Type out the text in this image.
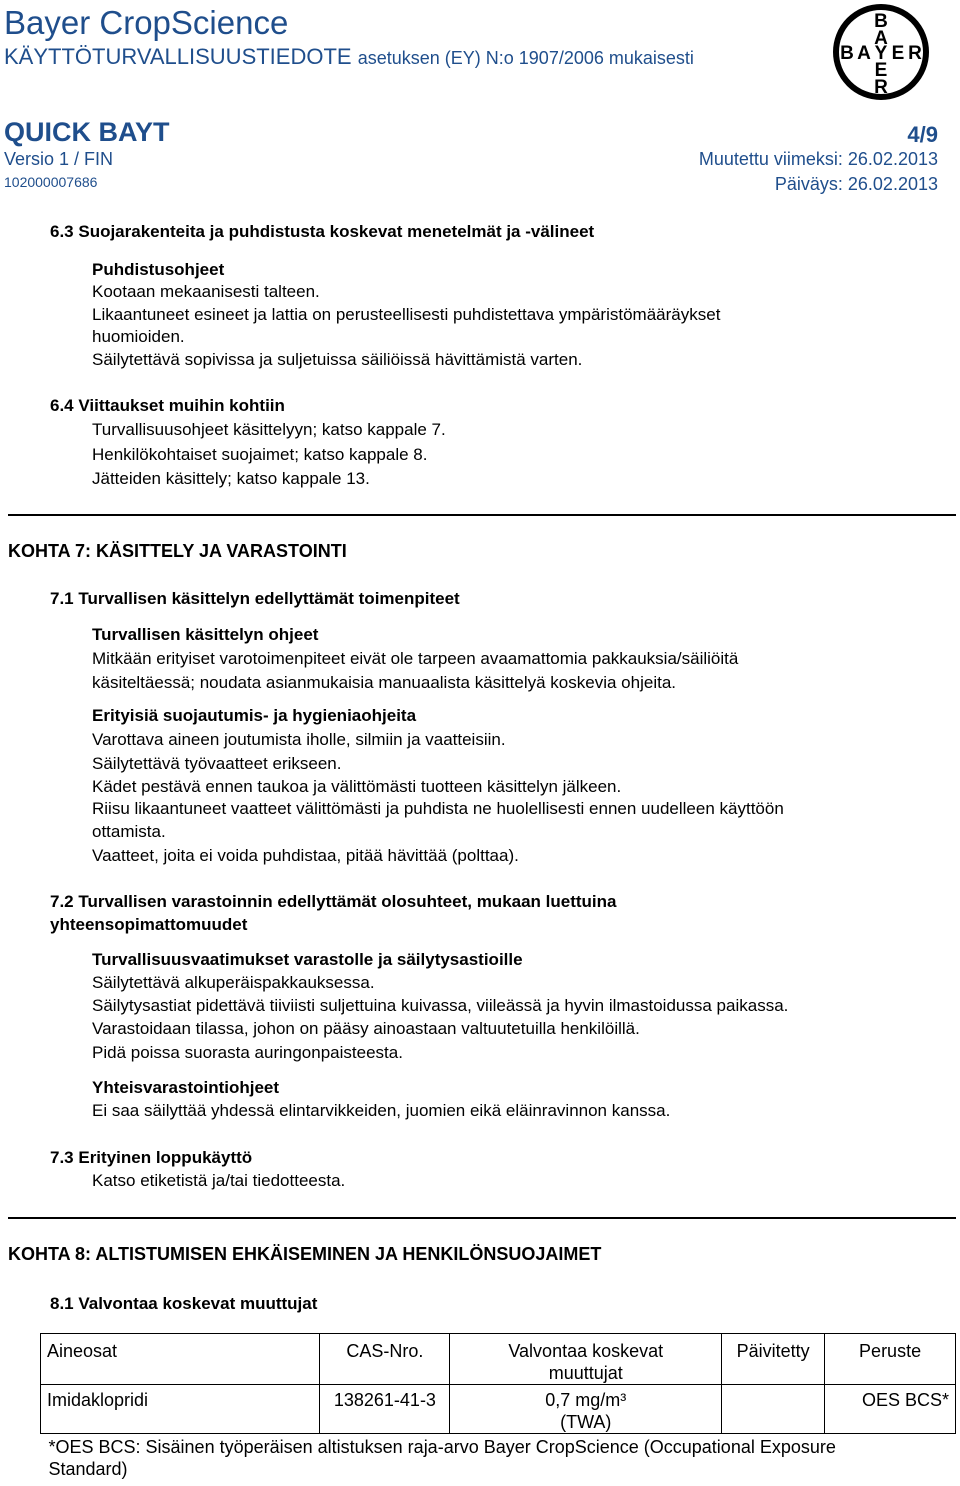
Bayer CropScience
KÄYTTÖTURVALLISUUSTIEDOTE asetuksen (EY) N:o 1907/2006 mukaisesti
QUICK BAYT	4/9
Versio 1 / FIN	Muutettu viimeksi: 26.02.2013
102000007686	Päiväys: 26.02.2013
B
A
B A Y E R
E
R
6.3 Suojarakenteita ja puhdistusta koskevat menetelmät ja -välineet
Puhdistusohjeet
Kootaan mekaanisesti talteen.
Likaantuneet esineet ja lattia on perusteellisesti puhdistettava ympäristömääräykset
huomioiden.
Säilytettävä sopivissa ja suljetuissa säiliöissä hävittämistä varten.
6.4 Viittaukset muihin kohtiin
Turvallisuusohjeet käsittelyyn; katso kappale 7.
Henkilökohtaiset suojaimet; katso kappale 8.
Jätteiden käsittely; katso kappale 13.
KOHTA 7: KÄSITTELY JA VARASTOINTI
7.1 Turvallisen käsittelyn edellyttämät toimenpiteet
Turvallisen käsittelyn ohjeet
Mitkään erityiset varotoimenpiteet eivät ole tarpeen avaamattomia pakkauksia/säiliöitä
käsiteltäessä; noudata asianmukaisia manuaalista käsittelyä koskevia ohjeita.
Erityisiä suojautumis- ja hygieniaohjeita
Varottava aineen joutumista iholle, silmiin ja vaatteisiin.
Säilytettävä työvaatteet erikseen.
Kädet pestävä ennen taukoa ja välittömästi tuotteen käsittelyn jälkeen.
Riisu likaantuneet vaatteet välittömästi ja puhdista ne huolellisesti ennen uudelleen käyttöön
ottamista.
Vaatteet, joita ei voida puhdistaa, pitää hävittää (polttaa).
7.2 Turvallisen varastoinnin edellyttämät olosuhteet, mukaan luettuina
yhteensopimattomuudet
Turvallisuusvaatimukset varastolle ja säilytysastioille
Säilytettävä alkuperäispakkauksessa.
Säilytysastiat pidettävä tiiviisti suljettuina kuivassa, viileässä ja hyvin ilmastoidussa paikassa.
Varastoidaan tilassa, johon on pääsy ainoastaan valtuutetuilla henkilöillä.
Pidä poissa suorasta auringonpaisteesta.
Yhteisvarastointiohjeet
Ei saa säilyttää yhdessä elintarvikkeiden, juomien eikä eläinravinnon kanssa.
7.3 Erityinen loppukäyttö
Katso etiketistä ja/tai tiedotteesta.
KOHTA 8: ALTISTUMISEN EHKÄISEMINEN JA HENKILÖNSUOJAIMET
8.1 Valvontaa koskevat muuttujat
Aineosat	CAS-Nro.	Valvontaa koskevat muuttujat	Päivitetty	Peruste
Imidaklopridi	138261-41-3	0,7 mg/m³ (TWA)		OES BCS*
*OES BCS: Sisäinen työperäisen altistuksen raja-arvo Bayer CropScience (Occupational Exposure Standard)				
